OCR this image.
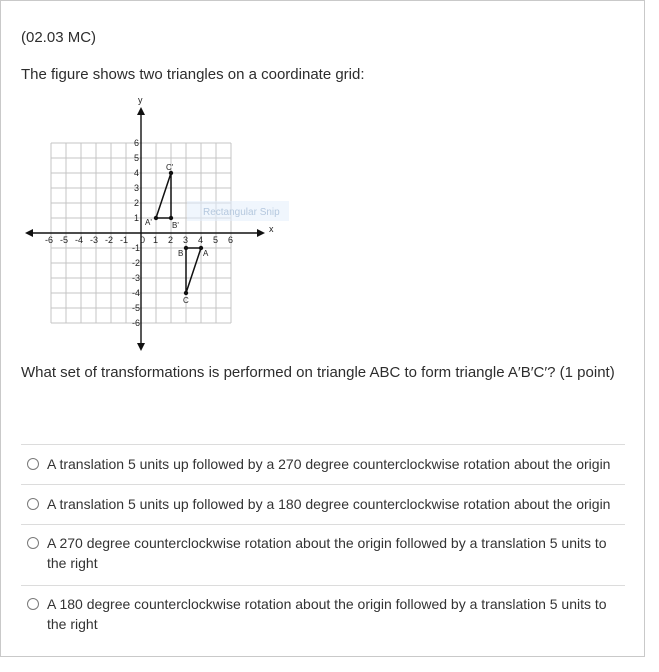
(02.03 MC)
The figure shows two triangles on a coordinate grid:
Rectangular Snip
x
y
-6 -5 -4 -3 -2 -1 0 1 2 3 4 5 6
6
5
4
3
2
1
-1
-2
-3
-4
-5
-6
A'	B'
C'
B A
C
What set of transformations is performed on triangle ABC to form triangle A′B′C′? (1 point)
A translation 5 units up followed by a 270 degree counterclockwise rotation about the origin
A translation 5 units up followed by a 180 degree counterclockwise rotation about the origin
A 270 degree counterclockwise rotation about the origin followed by a translation 5 units to the right
A 180 degree counterclockwise rotation about the origin followed by a translation 5 units to the right
